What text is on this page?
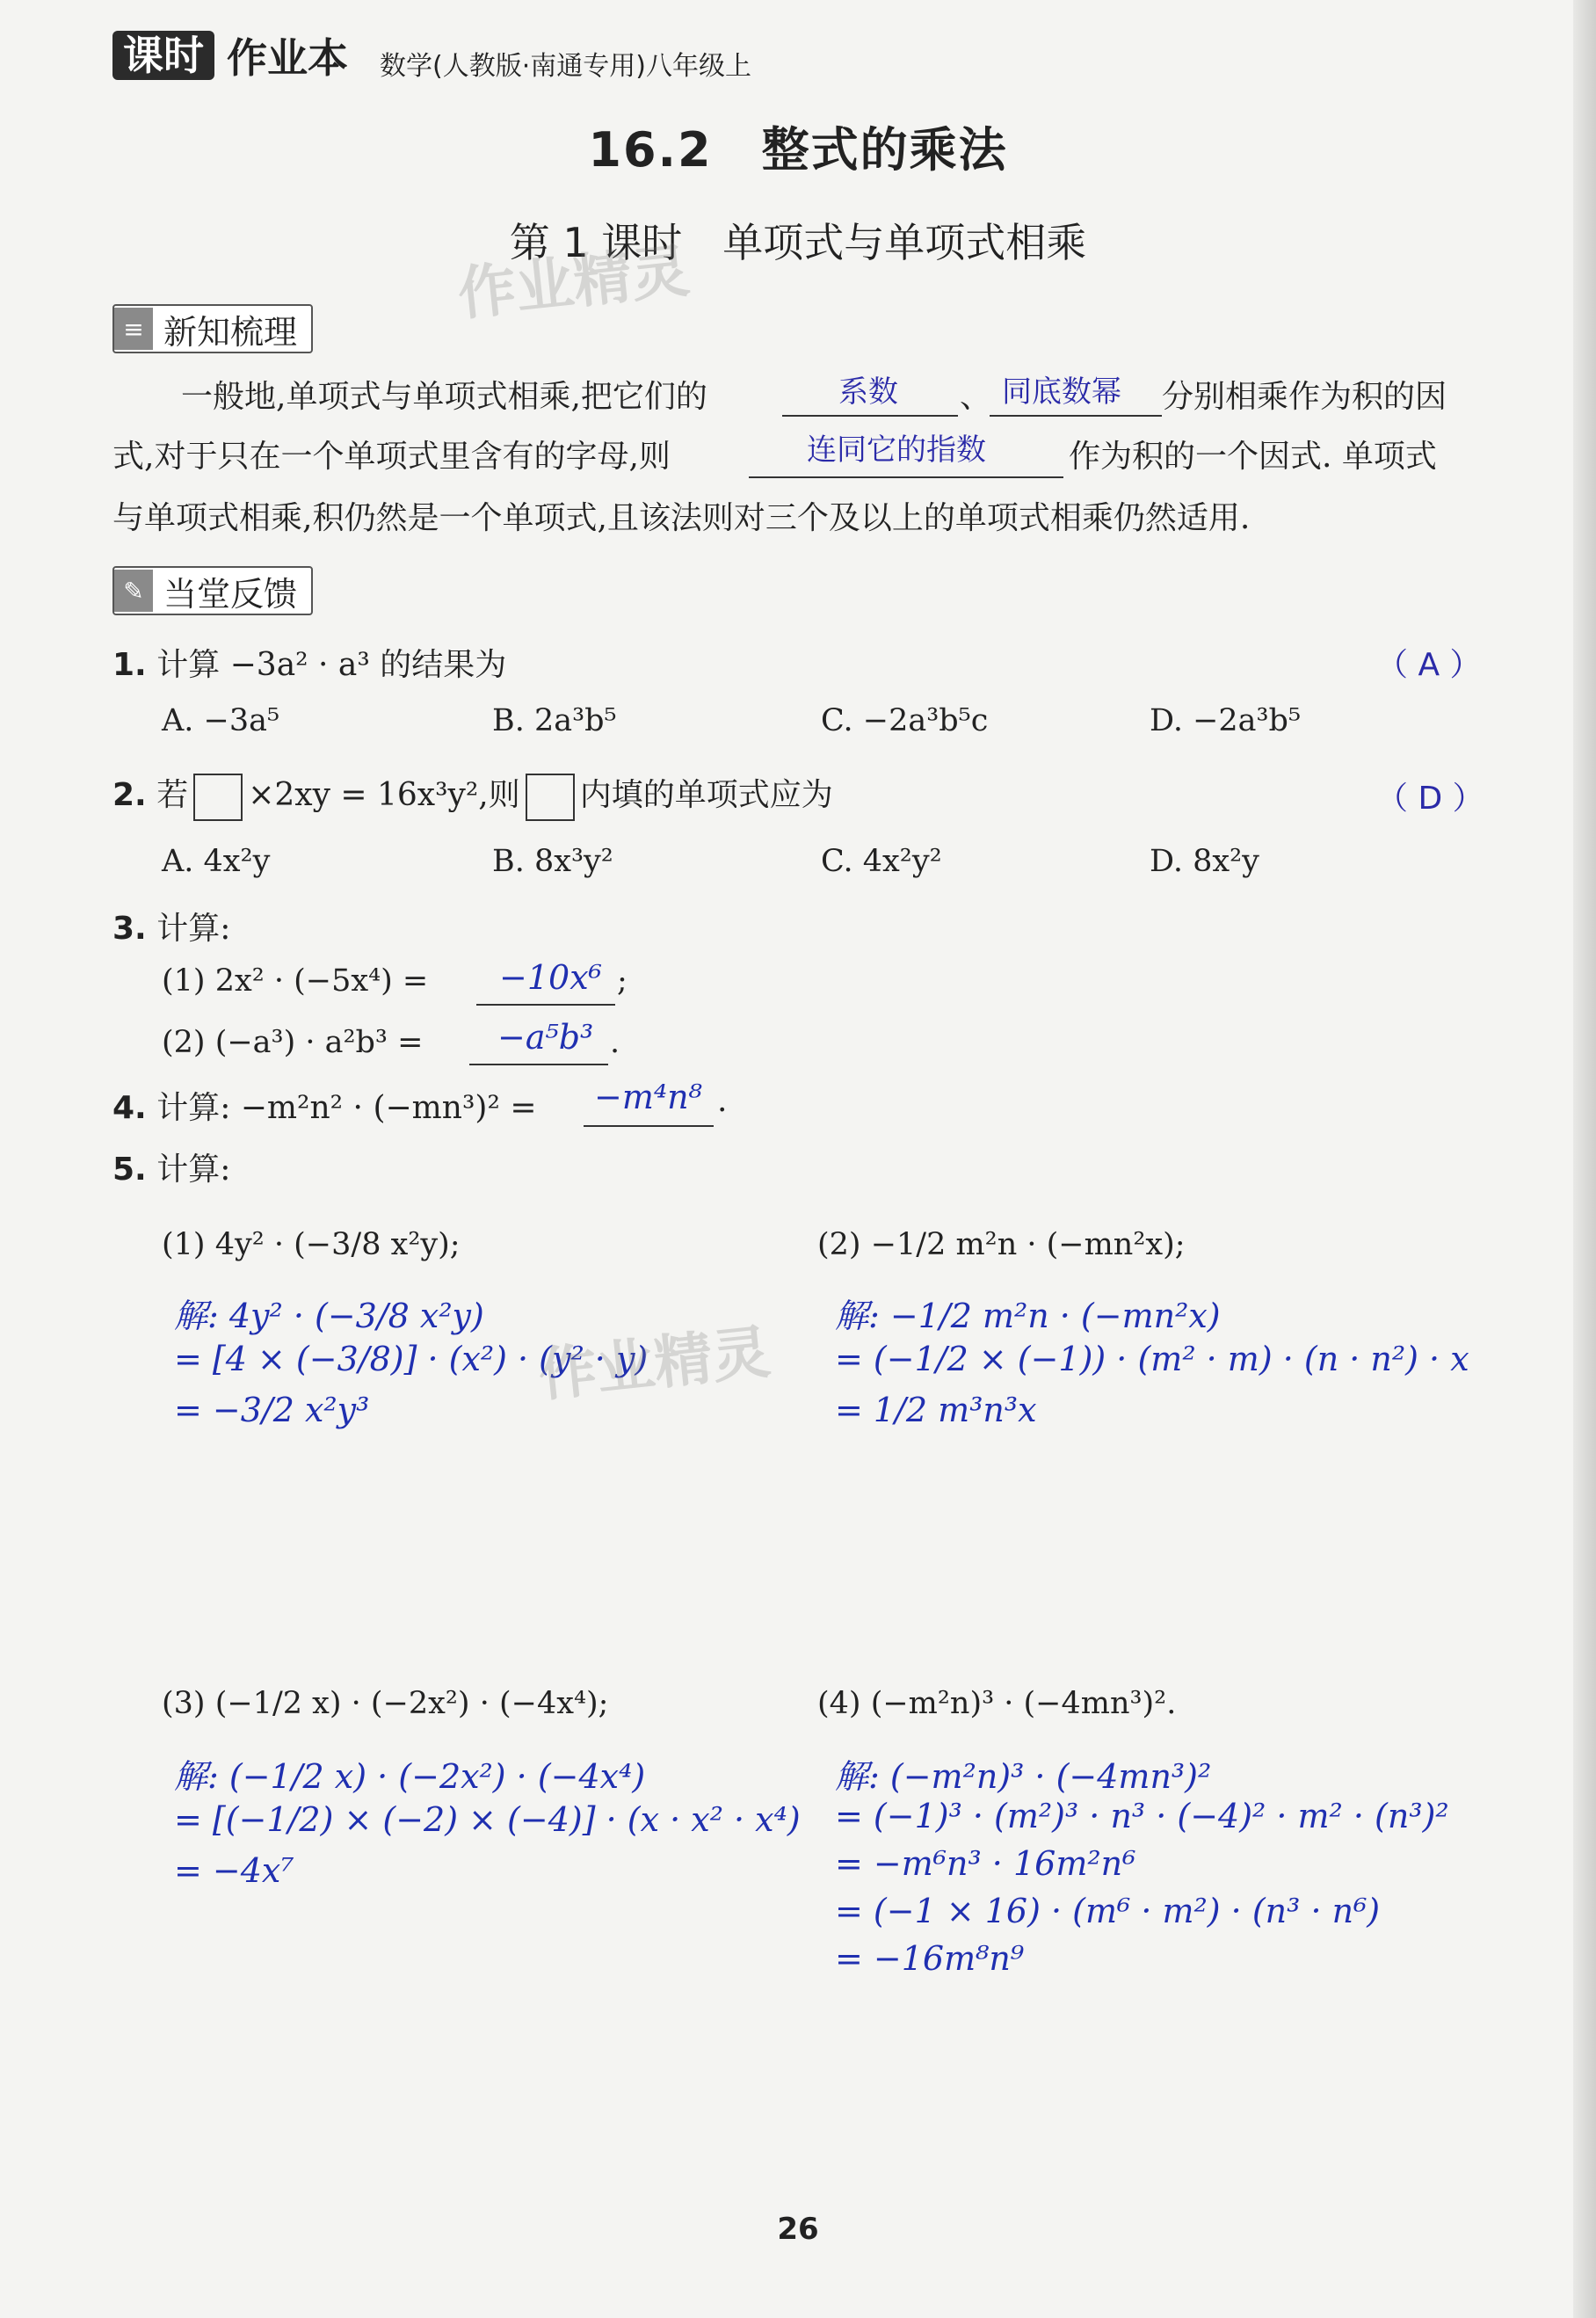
课时 作业本 数学(人教版·南通专用)八年级上
16.2　整式的乘法
第 1 课时　单项式与单项式相乘
作业精灵
≡ 新知梳理
一般地,单项式与单项式相乘,把它们的	系数 、 同底数幂 分别相乘作为积的因
式,对于只在一个单项式里含有的字母,则	连同它的指数	作为积的一个因式. 单项式
与单项式相乘,积仍然是一个单项式,且该法则对三个及以上的单项式相乘仍然适用.
✎ 当堂反馈
1. 计算 −3a² · a³ 的结果为	（ A ）
A. −3a⁵	B. 2a³b⁵	C. −2a³b⁵c	D. −2a³b⁵
2. 若 ×2xy = 16x³y²,则 内填的单项式应为	（ D ）
A. 4x²y	B. 8x³y²	C. 4x²y²	D. 8x²y
3. 计算:
(1) 2x² · (−5x⁴) = −10x⁶ ;
(2) (−a³) · a²b³ = −a⁵b³ .
4. 计算: −m²n² · (−mn³)² = −m⁴n⁸ .
5. 计算:
(1) 4y² · (−3/8 x²y);
解: 4y² · (−3/8 x²y)
= [4 × (−3/8)] · (x²) · (y² · y)
= −3/2 x²y³
作业精灵
(2) −1/2 m²n · (−mn²x);
解: −1/2 m²n · (−mn²x)
= (−1/2 × (−1)) · (m² · m) · (n · n²) · x
= 1/2 m³n³x
(3) (−1/2 x) · (−2x²) · (−4x⁴);
解: (−1/2 x) · (−2x²) · (−4x⁴)
= [(−1/2) × (−2) × (−4)] · (x · x² · x⁴)
= −4x⁷
(4) (−m²n)³ · (−4mn³)².
解: (−m²n)³ · (−4mn³)²
= (−1)³ · (m²)³ · n³ · (−4)² · m² · (n³)²
= −m⁶n³ · 16m²n⁶
= (−1 × 16) · (m⁶ · m²) · (n³ · n⁶)
= −16m⁸n⁹
26
